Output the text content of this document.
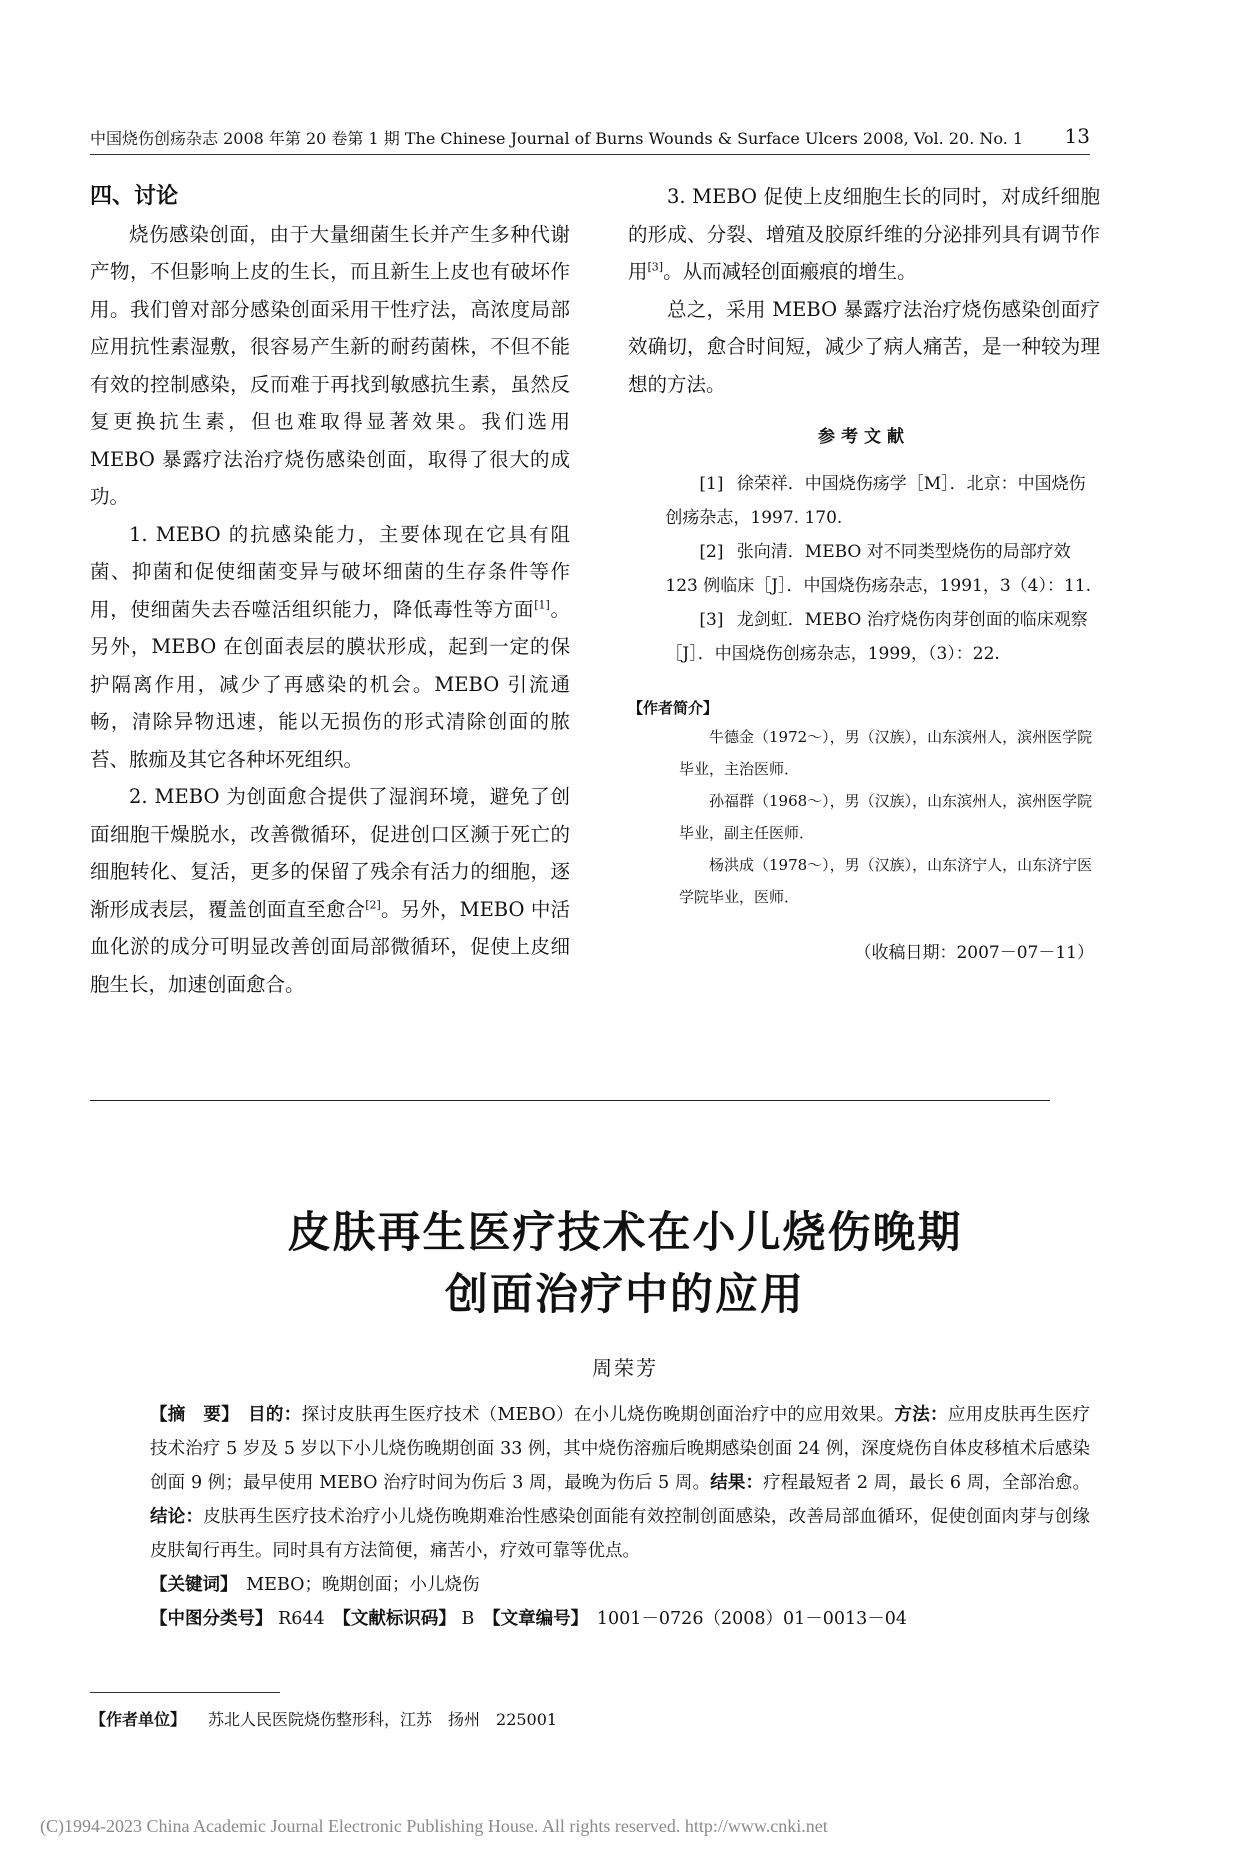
中国烧伤创疡杂志 2008 年第 20 卷第 1 期 The Chinese Journal of Burns Wounds & Surface Ulcers 2008, Vol. 20. No. 1	13

四、讨论

烧伤感染创面，由于大量细菌生长并产生多种代谢产物，不但影响上皮的生长，而且新生上皮也有破坏作用。我们曾对部分感染创面采用干性疗法，高浓度局部应用抗性素湿敷，很容易产生新的耐药菌株，不但不能有效的控制感染，反而难于再找到敏感抗生素，虽然反复更换抗生素，但也难取得显著效果。我们选用 MEBO 暴露疗法治疗烧伤感染创面，取得了很大的成功。

1. MEBO 的抗感染能力，主要体现在它具有阻菌、抑菌和促使细菌变异与破坏细菌的生存条件等作用，使细菌失去吞噬活组织能力，降低毒性等方面[1]。另外，MEBO 在创面表层的膜状形成，起到一定的保护隔离作用，减少了再感染的机会。MEBO 引流通畅，清除异物迅速，能以无损伤的形式清除创面的脓苔、脓痂及其它各种坏死组织。

2. MEBO 为创面愈合提供了湿润环境，避免了创面细胞干燥脱水，改善微循环，促进创口区濒于死亡的细胞转化、复活，更多的保留了残余有活力的细胞，逐渐形成表层，覆盖创面直至愈合[2]。另外，MEBO 中活血化淤的成分可明显改善创面局部微循环，促使上皮细胞生长，加速创面愈合。

3. MEBO 促使上皮细胞生长的同时，对成纤细胞的形成、分裂、增殖及胶原纤维的分泌排列具有调节作用[3]。从而减轻创面瘢痕的增生。

总之，采用 MEBO 暴露疗法治疗烧伤感染创面疗效确切，愈合时间短，减少了病人痛苦，是一种较为理想的方法。

参考文献

[1] 徐荣祥．中国烧伤疡学［M］．北京：中国烧伤创疡杂志，1997. 170.

[2] 张向清．MEBO 对不同类型烧伤的局部疗效 123 例临床［J］．中国烧伤疡杂志，1991，3（4）：11.

[3] 龙剑虹．MEBO 治疗烧伤肉芽创面的临床观察［J］．中国烧伤创疡杂志，1999，（3）：22.

【作者简介】

牛德金（1972～），男（汉族），山东滨州人，滨州医学院毕业，主治医师．

孙福群（1968～），男（汉族），山东滨州人，滨州医学院毕业，副主任医师．

杨洪成（1978～），男（汉族），山东济宁人，山东济宁医学院毕业，医师．

（收稿日期：2007－07－11）
皮肤再生医疗技术在小儿烧伤晚期
创面治疗中的应用
周荣芳

【摘　要】　 目的：探讨皮肤再生医疗技术（MEBO）在小儿烧伤晚期创面治疗中的应用效果。方法：应用皮肤再生医疗技术治疗 5 岁及 5 岁以下小儿烧伤晚期创面 33 例，其中烧伤溶痂后晚期感染创面 24 例，深度烧伤自体皮移植术后感染创面 9 例；最早使用 MEBO 治疗时间为伤后 3 周，最晚为伤后 5 周。结果：疗程最短者 2 周，最长 6 周，全部治愈。结论：皮肤再生医疗技术治疗小儿烧伤晚期难治性感染创面能有效控制创面感染，改善局部血循环，促使创面肉芽与创缘皮肤匐行再生。同时具有方法简便，痛苦小，疗效可靠等优点。

【关键词】　 MEBO；晚期创面；小儿烧伤

【中图分类号】 R644　 【文献标识码】 B　 【文章编号】　 1001－0726（2008）01－0013－04

【作者单位】 苏北人民医院烧伤整形科，江苏　扬州　225001
(C)1994-2023 China Academic Journal Electronic Publishing House. All rights reserved. http://www.cnki.net
